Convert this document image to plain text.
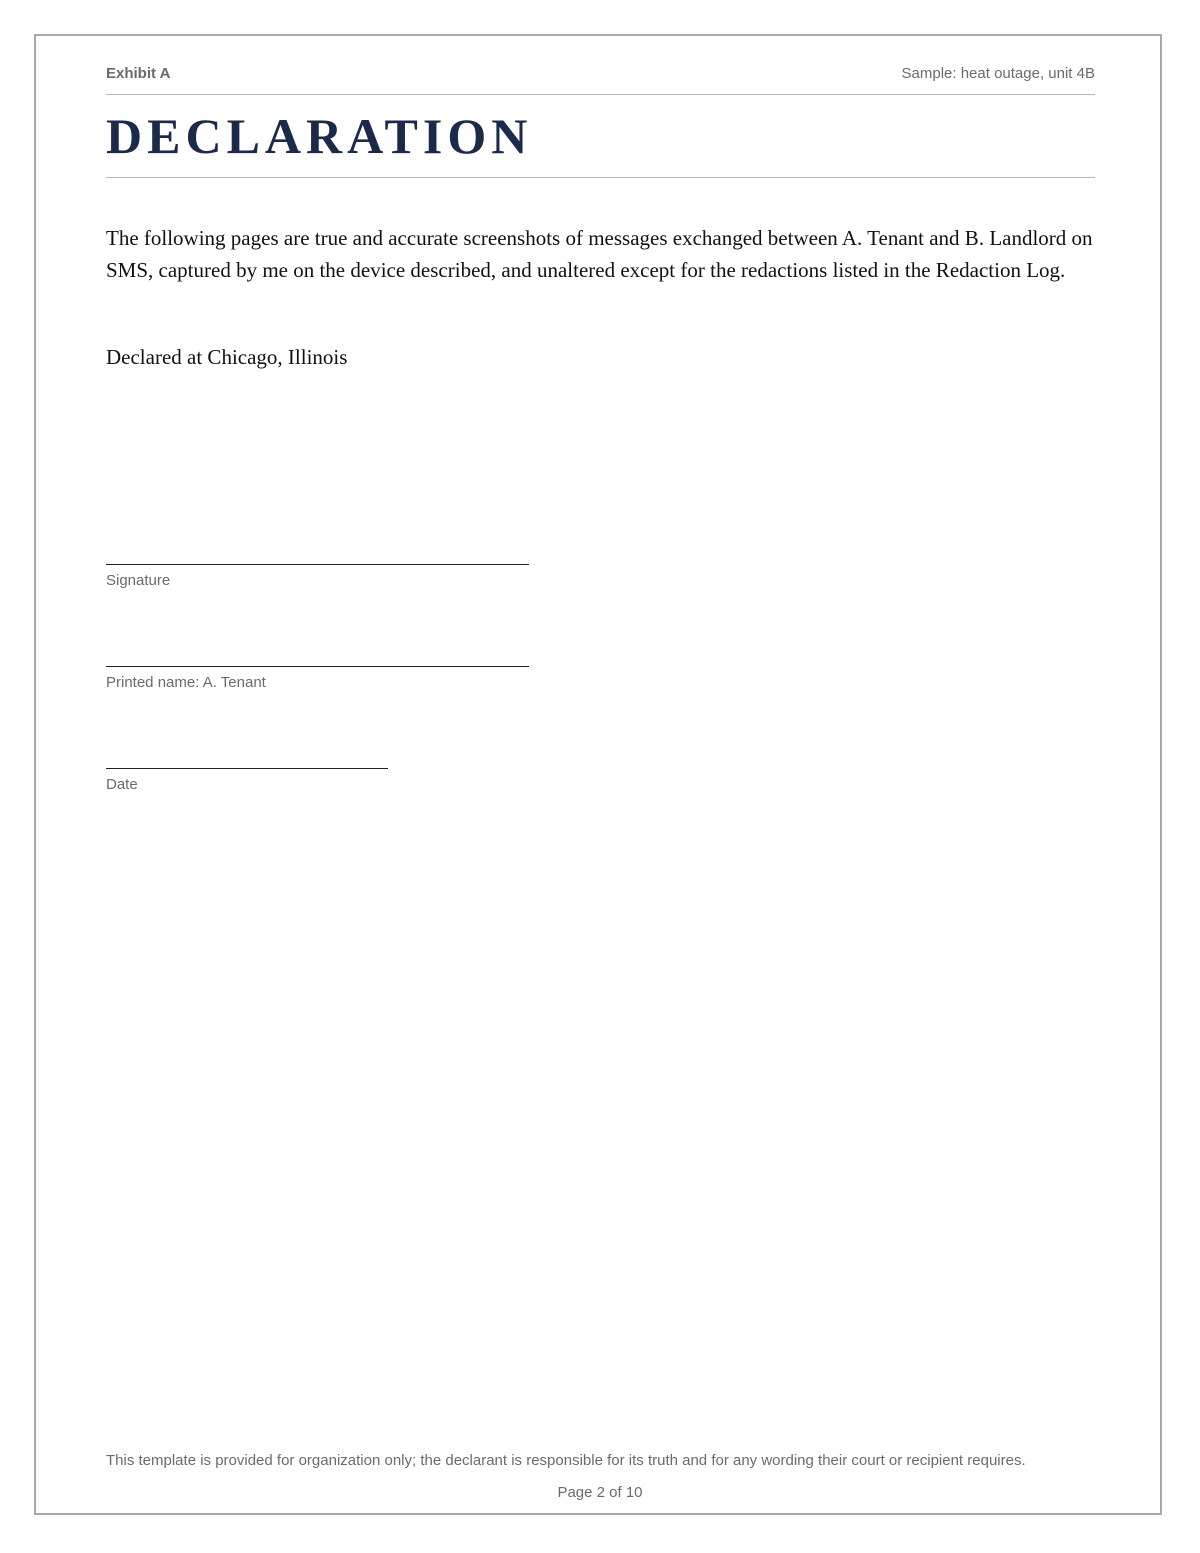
Exhibit A	Sample: heat outage, unit 4B
DECLARATION

The following pages are true and accurate screenshots of messages exchanged between A. Tenant and B. Landlord on SMS, captured by me on the device described, and unaltered except for the redactions listed in the Redaction Log.

Declared at Chicago, Illinois

Signature
Printed name: A. Tenant
Date
This template is provided for organization only; the declarant is responsible for its truth and for any wording their court or recipient requires.
Page 2 of 10
